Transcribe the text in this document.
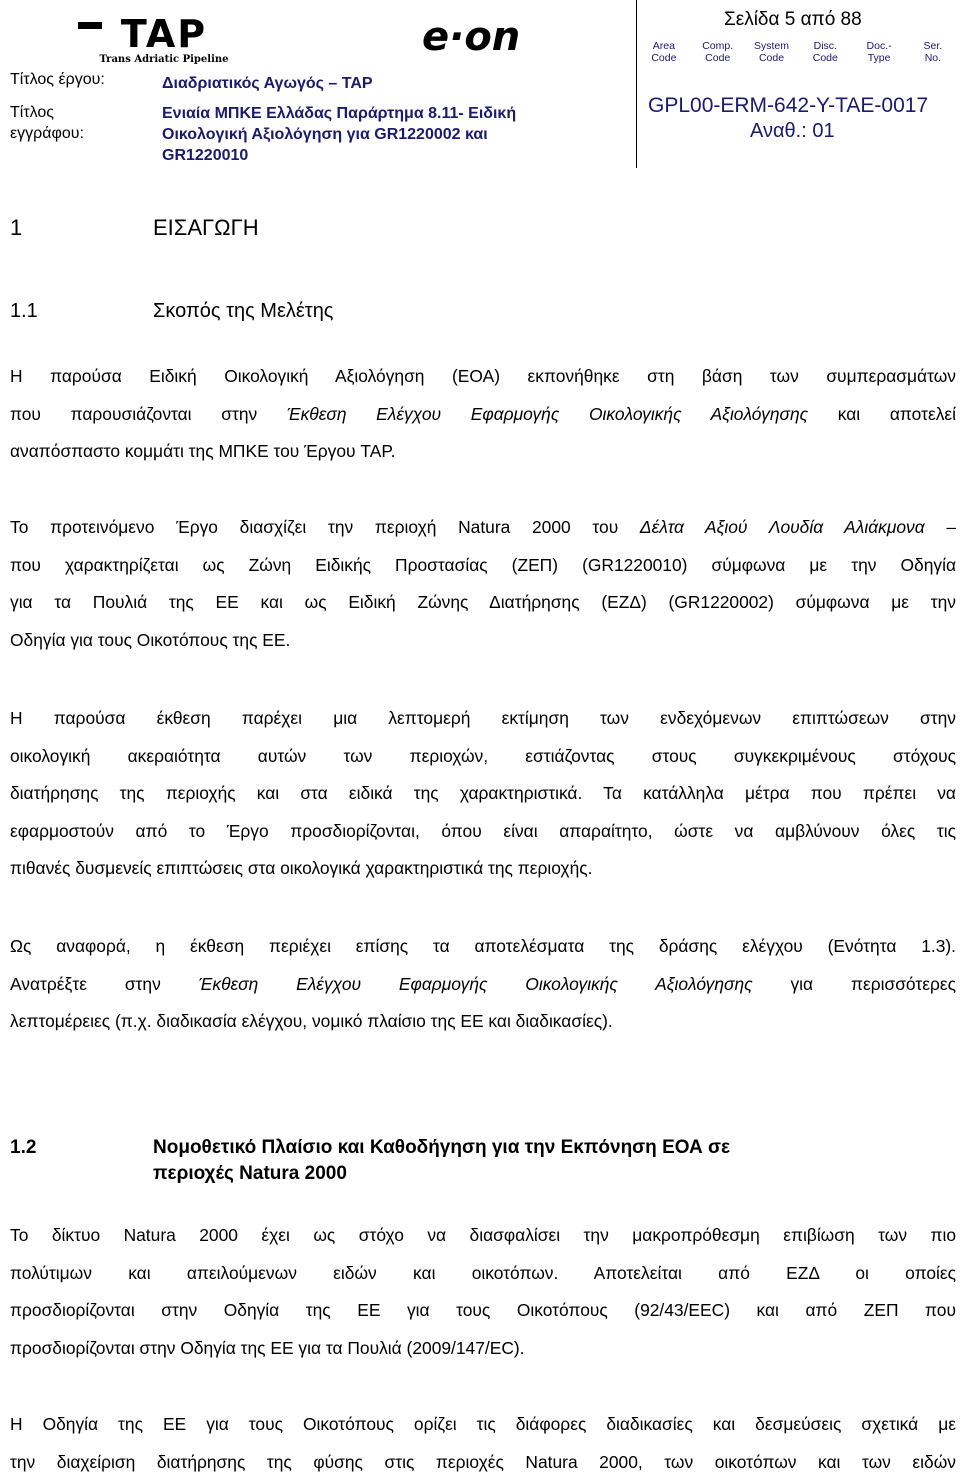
TAP
Trans Adriatic Pipeline	e·on
Τίτλος έργου:	Διαδριατικός Αγωγός – TAP
Τίτλος
εγγράφου:
Ενιαία ΜΠΚΕ Ελλάδας Παράρτημα 8.11- Ειδική
Οικολογική Αξιολόγηση για GR1220002 και
GR1220010
Σελίδα 5 από 88
Area
Code
Comp.
Code
System
Code
Disc.
Code
Doc.-
Type
Ser.
No.
GPL00-ERM-642-Y-TAE-0017
Αναθ.: 01
1	ΕΙΣΑΓΩΓΗ
1.1	Σκοπός της Μελέτης
Η παρούσα Ειδική Οικολογική Αξιολόγηση (ΕΟΑ) εκπονήθηκε στη βάση των συμπερασμάτων
που παρουσιάζονται στην Έκθεση Ελέγχου Εφαρμογής Οικολογικής Αξιολόγησης και αποτελεί
αναπόσπαστο κομμάτι της ΜΠΚΕ του Έργου TAP.
Το προτεινόμενο Έργο διασχίζει την περιοχή Natura 2000 του Δέλτα Αξιού Λουδία Αλιάκμονα –
που χαρακτηρίζεται ως Ζώνη Ειδικής Προστασίας (ΖΕΠ) (GR1220010) σύμφωνα με την Οδηγία
για τα Πουλιά της ΕΕ και ως Ειδική Ζώνης Διατήρησης (ΕΖΔ) (GR1220002) σύμφωνα με την
Οδηγία για τους Οικοτόπους της ΕΕ.
Η παρούσα έκθεση παρέχει μια λεπτομερή εκτίμηση των ενδεχόμενων επιπτώσεων στην
οικολογική ακεραιότητα αυτών των περιοχών, εστιάζοντας στους συγκεκριμένους στόχους
διατήρησης της περιοχής και στα ειδικά της χαρακτηριστικά. Τα κατάλληλα μέτρα που πρέπει να
εφαρμοστούν από το Έργο προσδιορίζονται, όπου είναι απαραίτητο, ώστε να αμβλύνουν όλες τις
πιθανές δυσμενείς επιπτώσεις στα οικολογικά χαρακτηριστικά της περιοχής.
Ως αναφορά, η έκθεση περιέχει επίσης τα αποτελέσματα της δράσης ελέγχου (Ενότητα 1.3).
Ανατρέξτε στην Έκθεση Ελέγχου Εφαρμογής Οικολογικής Αξιολόγησης για περισσότερες
λεπτομέρειες (π.χ. διαδικασία ελέγχου, νομικό πλαίσιο της ΕΕ και διαδικασίες).
1.2	Νομοθετικό Πλαίσιο και Καθοδήγηση για την Εκπόνηση ΕΟΑ σε
περιοχές Natura 2000
Το δίκτυο Natura 2000 έχει ως στόχο να διασφαλίσει την μακροπρόθεσμη επιβίωση των πιο
πολύτιμων και απειλούμενων ειδών και οικοτόπων. Αποτελείται από ΕΖΔ οι οποίες
προσδιορίζονται στην Οδηγία της ΕΕ για τους Οικοτόπους (92/43/ΕΕC) και από ΖΕΠ που
προσδιορίζονται στην Οδηγία της ΕΕ για τα Πουλιά (2009/147/EC).
Η Οδηγία της ΕΕ για τους Οικοτόπους ορίζει τις διάφορες διαδικασίες και δεσμεύσεις σχετικά με
την διαχείριση διατήρησης της φύσης στις περιοχές Natura 2000, των οικοτόπων και των ειδών
